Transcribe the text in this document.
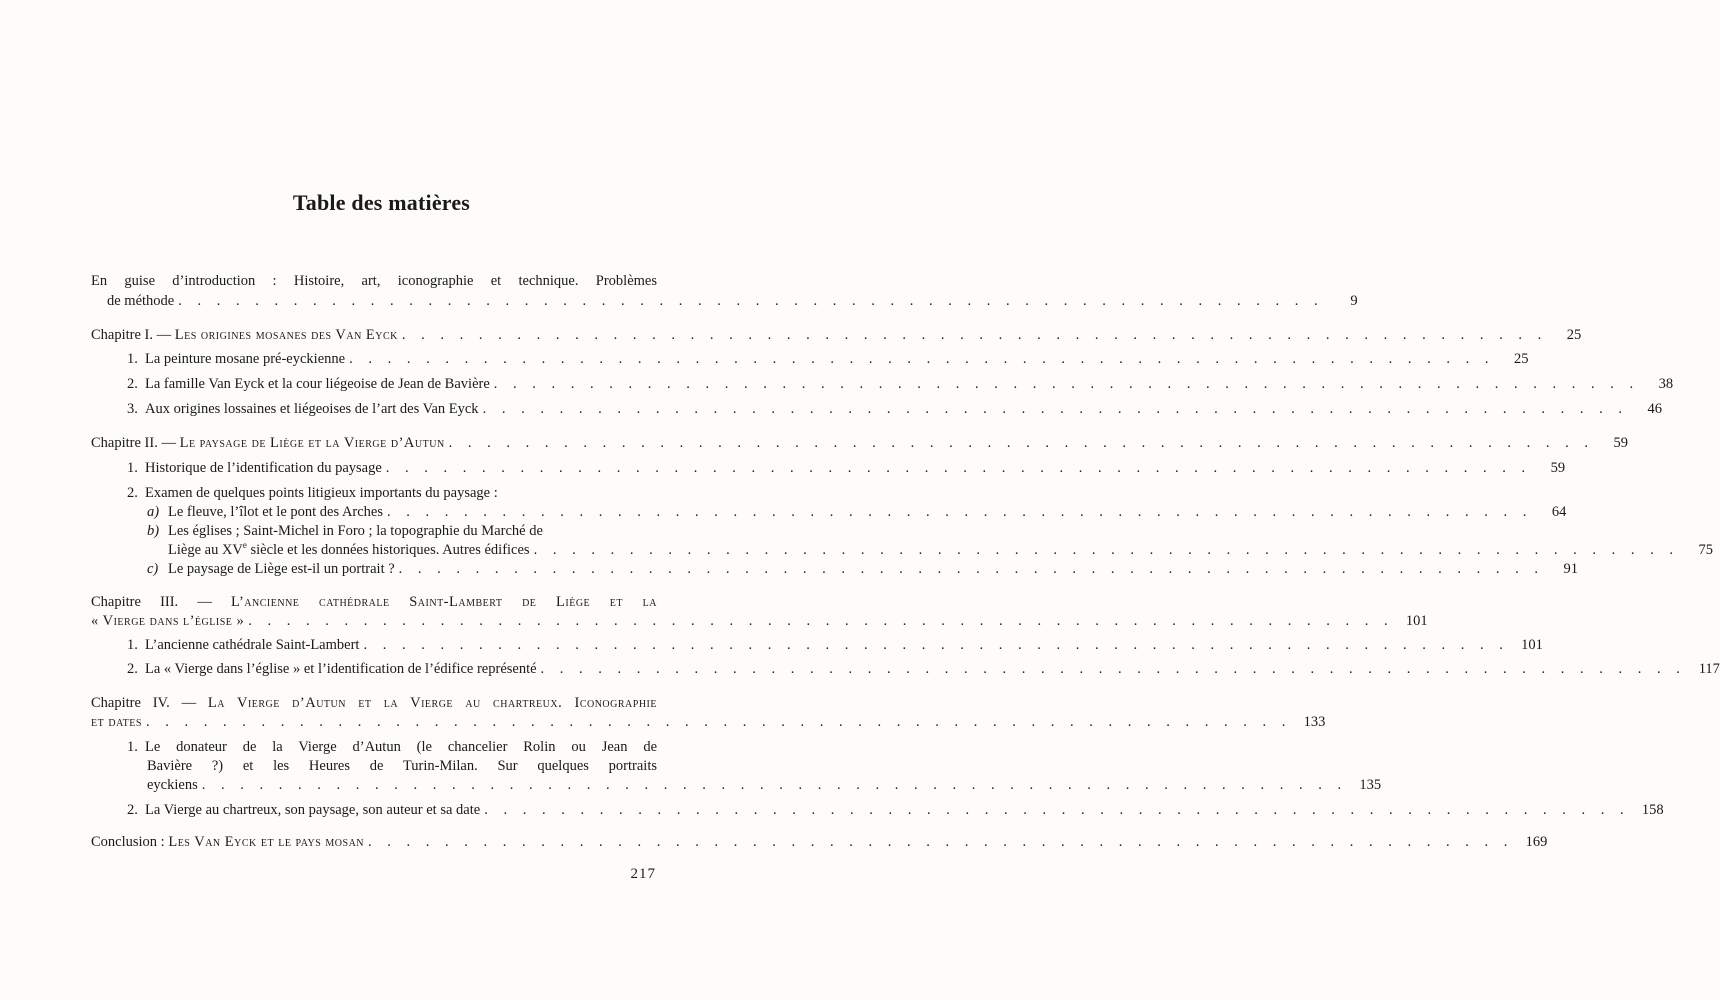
Table des matières
En guise d’introduction : Histoire, art, iconographie et technique. Problèmes
de méthode . . . . . . . . . . . . . . . . . . . . . . . . . . . . . . . . . . . . . . . . . . . . . . . . . . . . . . . . . . . .	9
Chapitre I. — Les origines mosanes des Van Eyck . . . . . . . . . . . . . . . . . . . . . . . . . . . . . . . . . . . . . . . . . . . . . . . . . . . . . . . . . . . .	25
1. La peinture mosane pré-eyckienne . . . . . . . . . . . . . . . . . . . . . . . . . . . . . . . . . . . . . . . . . . . . . . . . . . . . . . . . . . . .	25
2. La famille Van Eyck et la cour liégeoise de Jean de Bavière . . . . . . . . . . . . . . . . . . . . . . . . . . . . . . . . . . . . . . . . . . . . . . . . . . . . . . . . . . . .	38
3. Aux origines lossaines et liégeoises de l’art des Van Eyck . . . . . . . . . . . . . . . . . . . . . . . . . . . . . . . . . . . . . . . . . . . . . . . . . . . . . . . . . . . .	46
Chapitre II. — Le paysage de Liège et la Vierge d’Autun . . . . . . . . . . . . . . . . . . . . . . . . . . . . . . . . . . . . . . . . . . . . . . . . . . . . . . . . . . . .	59
1. Historique de l’identification du paysage . . . . . . . . . . . . . . . . . . . . . . . . . . . . . . . . . . . . . . . . . . . . . . . . . . . . . . . . . . . .	59
2. Examen de quelques points litigieux importants du paysage :
a) Le fleuve, l’îlot et le pont des Arches . . . . . . . . . . . . . . . . . . . . . . . . . . . . . . . . . . . . . . . . . . . . . . . . . . . . . . . . . . . .	64
b) Les églises ; Saint-Michel in Foro ; la topographie du Marché de
Liège au XVe siècle et les données historiques. Autres édifices . . . . . . . . . . . . . . . . . . . . . . . . . . . . . . . . . . . . . . . . . . . . . . . . . . . . . . . . . . . .	75
c) Le paysage de Liège est-il un portrait ? . . . . . . . . . . . . . . . . . . . . . . . . . . . . . . . . . . . . . . . . . . . . . . . . . . . . . . . . . . . .	91
Chapitre III. — L’ancienne cathédrale Saint-Lambert de Liège et la
« Vierge dans l’église » . . . . . . . . . . . . . . . . . . . . . . . . . . . . . . . . . . . . . . . . . . . . . . . . . . . . . . . . . . . . 101
1. L’ancienne cathédrale Saint-Lambert . . . . . . . . . . . . . . . . . . . . . . . . . . . . . . . . . . . . . . . . . . . . . . . . . . . . . . . . . . . . 101
2. La « Vierge dans l’église » et l’identification de l’édifice représenté . . . . . . . . . . . . . . . . . . . . . . . . . . . . . . . . . . . . . . . . . . . . . . . . . . . . . . . . . . . . 117
Chapitre IV. — La Vierge d’Autun et la Vierge au chartreux. Iconographie
et dates . . . . . . . . . . . . . . . . . . . . . . . . . . . . . . . . . . . . . . . . . . . . . . . . . . . . . . . . . . . . 133
1. Le donateur de la Vierge d’Autun (le chancelier Rolin ou Jean de
Bavière ?) et les Heures de Turin-Milan. Sur quelques portraits
eyckiens . . . . . . . . . . . . . . . . . . . . . . . . . . . . . . . . . . . . . . . . . . . . . . . . . . . . . . . . . . . . 135
2. La Vierge au chartreux, son paysage, son auteur et sa date . . . . . . . . . . . . . . . . . . . . . . . . . . . . . . . . . . . . . . . . . . . . . . . . . . . . . . . . . . . . 158
Conclusion : Les Van Eyck et le pays mosan . . . . . . . . . . . . . . . . . . . . . . . . . . . . . . . . . . . . . . . . . . . . . . . . . . . . . . . . . . . . 169
217
